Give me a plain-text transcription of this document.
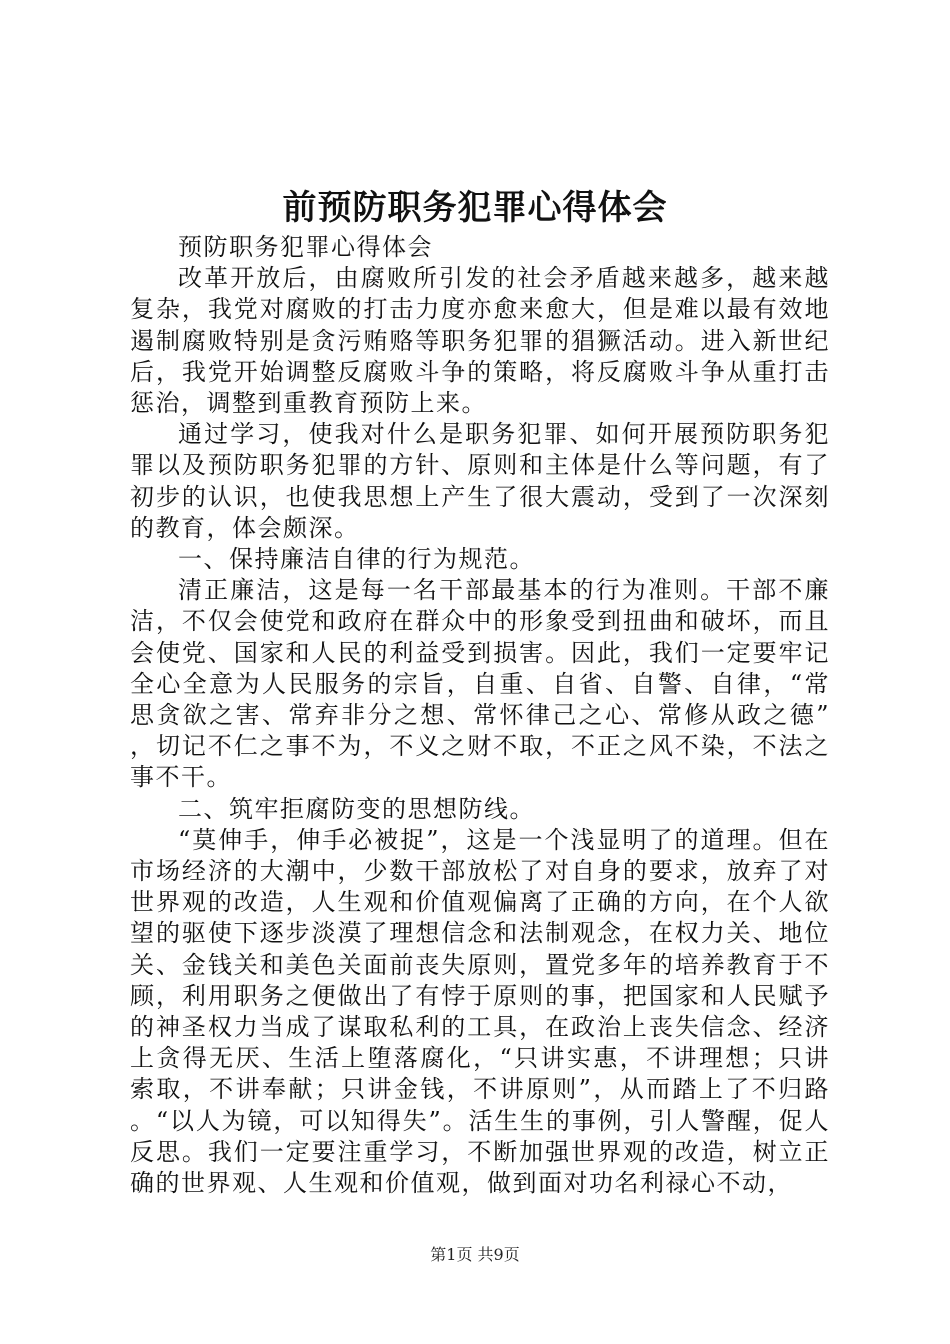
前预防职务犯罪心得体会

预防职务犯罪心得体会

改革开放后，由腐败所引发的社会矛盾越来越多，越来越复杂，我党对腐败的打击力度亦愈来愈大，但是难以最有效地遏制腐败特别是贪污贿赂等职务犯罪的猖獗活动。进入新世纪后，我党开始调整反腐败斗争的策略，将反腐败斗争从重打击惩治，调整到重教育预防上来。

通过学习，使我对什么是职务犯罪、如何开展预防职务犯罪以及预防职务犯罪的方针、原则和主体是什么等问题，有了初步的认识，也使我思想上产生了很大震动，受到了一次深刻的教育，体会颇深。

一、保持廉洁自律的行为规范。

清正廉洁，这是每一名干部最基本的行为准则。干部不廉洁，不仅会使党和政府在群众中的形象受到扭曲和破坏，而且会使党、国家和人民的利益受到损害。因此，我们一定要牢记全心全意为人民服务的宗旨，自重、自省、自警、自律，“常思贪欲之害、常弃非分之想、常怀律己之心、常修从政之德”，切记不仁之事不为，不义之财不取，不正之风不染，不法之事不干。

二、筑牢拒腐防变的思想防线。

“莫伸手，伸手必被捉”，这是一个浅显明了的道理。但在市场经济的大潮中，少数干部放松了对自身的要求，放弃了对世界观的改造，人生观和价值观偏离了正确的方向，在个人欲望的驱使下逐步淡漠了理想信念和法制观念，在权力关、地位关、金钱关和美色关面前丧失原则，置党多年的培养教育于不顾，利用职务之便做出了有悖于原则的事，把国家和人民赋予的神圣权力当成了谋取私利的工具，在政治上丧失信念、经济上贪得无厌、生活上堕落腐化，“只讲实惠，不讲理想；只讲索取，不讲奉献；只讲金钱，不讲原则”，从而踏上了不归路。“以人为镜，可以知得失”。活生生的事例，引人警醒，促人反思。我们一定要注重学习，不断加强世界观的改造，树立正确的世界观、人生观和价值观，做到面对功名利禄心不动，

第1页 共9页
